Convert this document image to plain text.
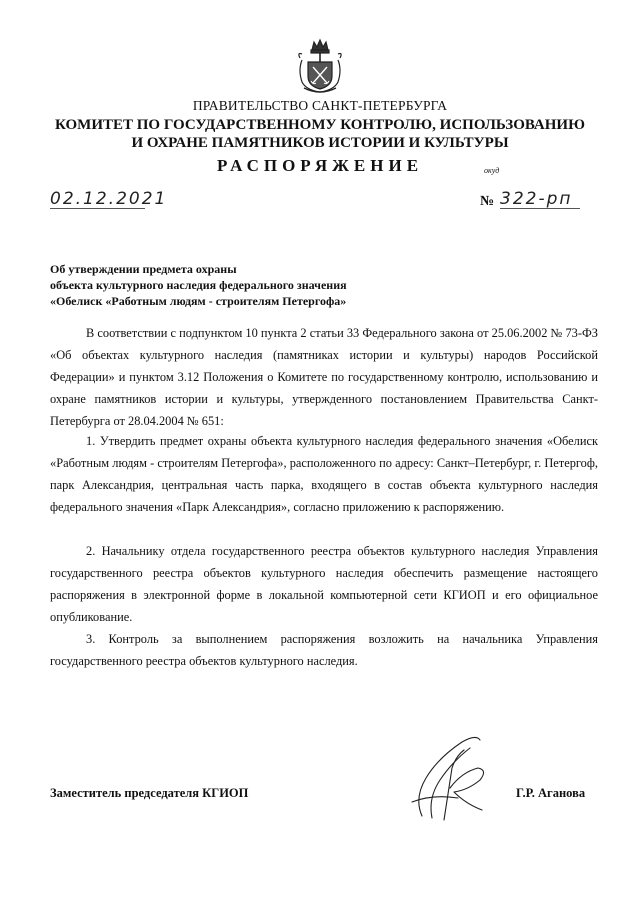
ПРАВИТЕЛЬСТВО САНКТ-ПЕТЕРБУРГА
КОМИТЕТ ПО ГОСУДАРСТВЕННОМУ КОНТРОЛЮ, ИСПОЛЬЗОВАНИЮ
И ОХРАНЕ ПАМЯТНИКОВ ИСТОРИИ И КУЛЬТУРЫ
РАСПОРЯЖЕНИЕ	окуд
02.12.2021	№ 322-рп
Об утверждении предмета охраны
объекта культурного наследия федерального значения
«Обелиск «Работным людям - строителям Петергофа»

В соответствии с подпунктом 10 пункта 2 статьи 33 Федерального закона от 25.06.2002 № 73-ФЗ «Об объектах культурного наследия (памятниках истории и культуры) народов Российской Федерации» и пунктом 3.12 Положения о Комитете по государственному контролю, использованию и охране памятников истории и культуры, утвержденного постановлением Правительства Санкт-Петербурга от 28.04.2004 № 651:

1. Утвердить предмет охраны объекта культурного наследия федерального значения «Обелиск «Работным людям - строителям Петергофа», расположенного по адресу: Санкт–Петербург, г. Петергоф, парк Александрия, центральная часть парка, входящего в состав объекта культурного наследия федерального значения «Парк Александрия», согласно приложению к распоряжению.

2. Начальнику отдела государственного реестра объектов культурного наследия Управления государственного реестра объектов культурного наследия обеспечить размещение настоящего распоряжения в электронной форме в локальной компьютерной сети КГИОП и его официальное опубликование.

3. Контроль за выполнением распоряжения возложить на начальника Управления государственного реестра объектов культурного наследия.

Заместитель председателя КГИОП	Г.Р. Аганова
